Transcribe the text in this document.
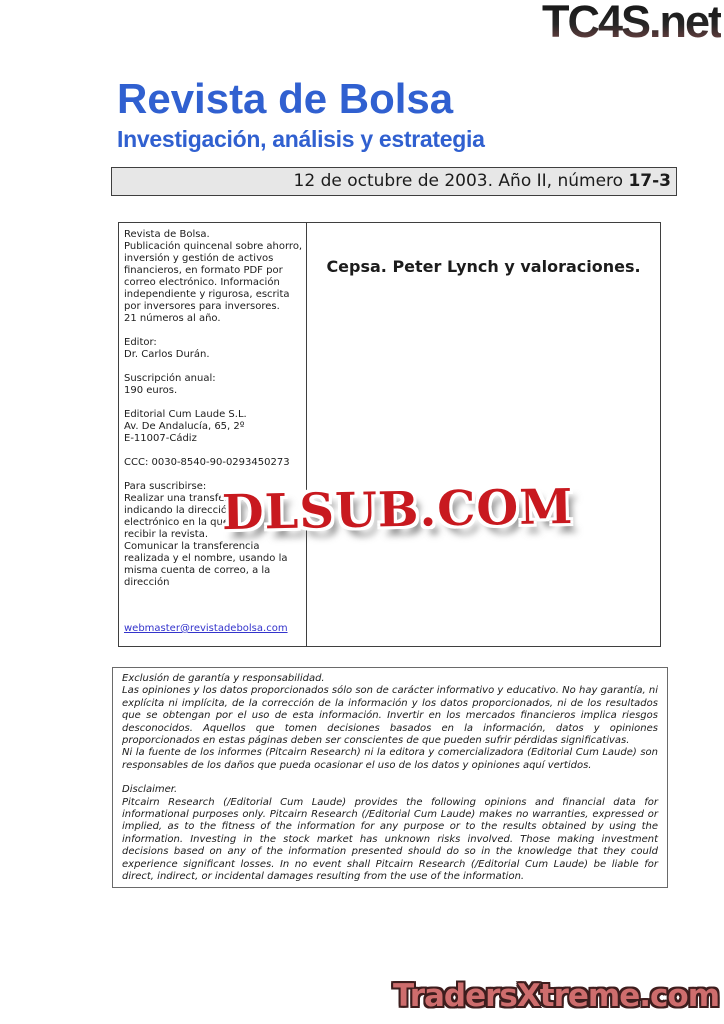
TC4S.net
Revista de Bolsa
Investigación, análisis y estrategia
12 de octubre de 2003. Año II, número 17-3

Revista de Bolsa.
Publicación quincenal sobre ahorro,
inversión y gestión de activos
financieros, en formato PDF por
correo electrónico. Información
independiente y rigurosa, escrita
por inversores para inversores.
21 números al año.

Editor:
Dr. Carlos Durán.

Suscripción anual:
190 euros.

Editorial Cum Laude S.L.
Av. De Andalucía, 65, 2º
E-11007-Cádiz

CCC: 0030-8540-90-0293450273

Para suscribirse:
Realizar una transferencia
indicando la dirección
electrónico en la que
recibir la revista.
Comunicar la transferencia
realizada y el nombre, usando la
misma cuenta de correo, a la
dirección

webmaster@revistadebolsa.com

Cepsa. Peter Lynch y valoraciones.
DLSUB.COM

Exclusión de garantía y responsabilidad.

Las opiniones y los datos proporcionados sólo son de carácter informativo y educativo. No hay garantía, ni explícita ni implícita, de la corrección de la información y los datos proporcionados, ni de los resultados que se obtengan por el uso de esta información. Invertir en los mercados financieros implica riesgos desconocidos. Aquellos que tomen decisiones basados en la información, datos y opiniones proporcionados en estas páginas deben ser conscientes de que pueden sufrir pérdidas significativas.

Ni la fuente de los informes (Pitcairn Research) ni la editora y comercializadora (Editorial Cum Laude) son responsables de los daños que pueda ocasionar el uso de los datos y opiniones aquí vertidos.

Disclaimer.

Pitcairn Research (/Editorial Cum Laude) provides the following opinions and financial data for informational purposes only. Pitcairn Research (/Editorial Cum Laude) makes no warranties, expressed or implied, as to the fitness of the information for any purpose or to the results obtained by using the information. Investing in the stock market has unknown risks involved. Those making investment decisions based on any of the information presented should do so in the knowledge that they could experience significant losses. In no event shall Pitcairn Research (/Editorial Cum Laude) be liable for direct, indirect, or incidental damages resulting from the use of the information.

TradersXtreme.com
